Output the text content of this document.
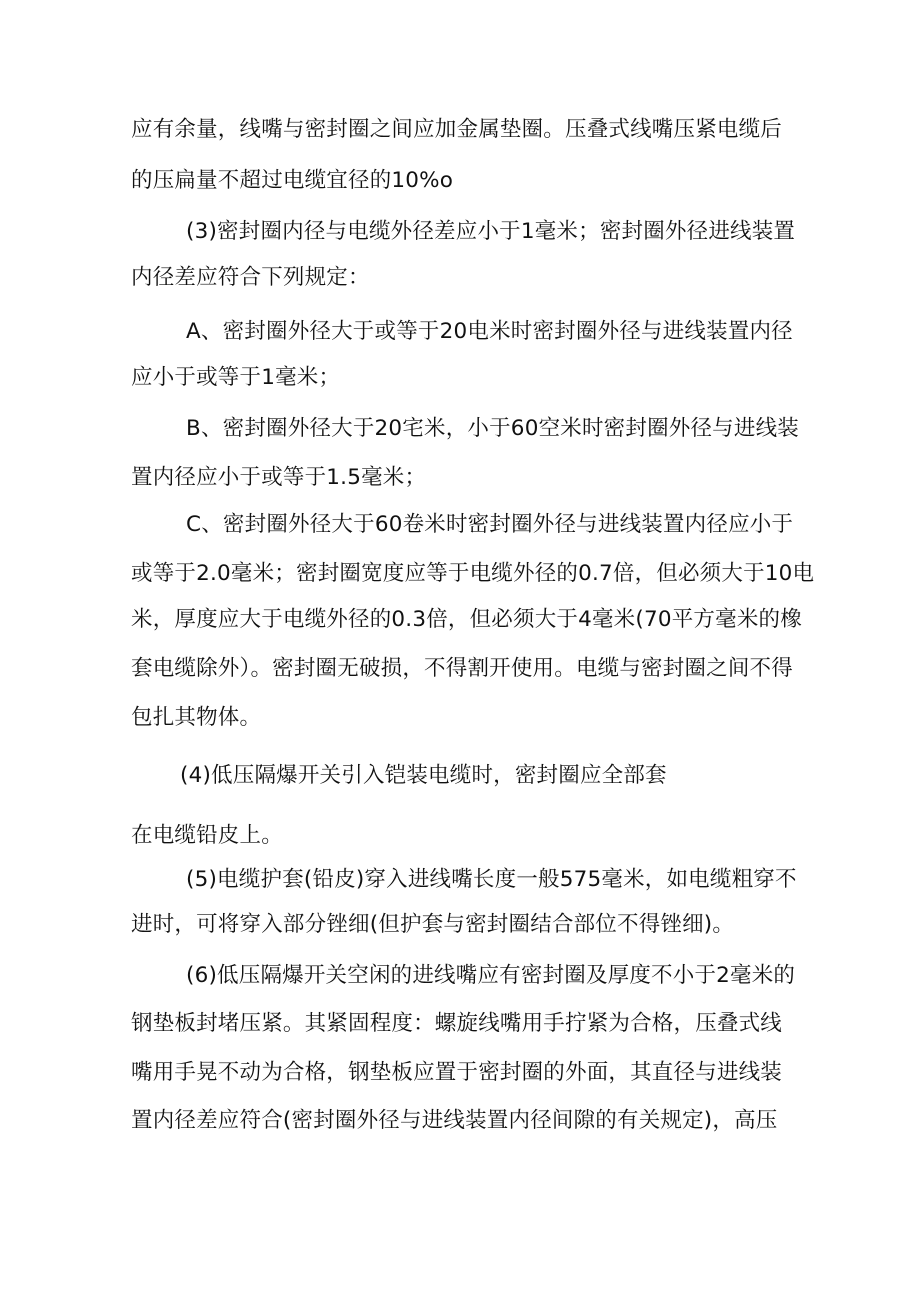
应有余量，线嘴与密封圈之间应加金属垫圈。压叠式线嘴压紧电缆后
的压扁量不超过电缆宜径的10%o
(3)密封圈内径与电缆外径差应小于1毫米；密封圈外径进线装置
内径差应符合下列规定：
A、密封圈外径大于或等于20电米时密封圈外径与进线装置内径
应小于或等于1毫米；
B、密封圈外径大于20宅米，小于60空米时密封圈外径与进线装
置内径应小于或等于1.5毫米；
C、密封圈外径大于60卷米时密封圈外径与进线装置内径应小于
或等于2.0毫米；密封圈宽度应等于电缆外径的0.7倍，但必须大于10电
米，厚度应大于电缆外径的0.3倍，但必须大于4毫米(70平方毫米的橡
套电缆除外）。密封圈无破损，不得割开使用。电缆与密封圈之间不得
包扎其物体。
(4)低压隔爆开关引入铠装电缆时，密封圈应全部套
在电缆铅皮上。
(5)电缆护套(铅皮)穿入进线嘴长度一般575毫米，如电缆粗穿不
进时，可将穿入部分锉细(但护套与密封圈结合部位不得锉细)。
(6)低压隔爆开关空闲的进线嘴应有密封圈及厚度不小于2毫米的
钢垫板封堵压紧。其紧固程度：螺旋线嘴用手拧紧为合格，压叠式线
嘴用手晃不动为合格，钢垫板应置于密封圈的外面，其直径与进线装
置内径差应符合(密封圈外径与进线装置内径间隙的有关规定)，高压
